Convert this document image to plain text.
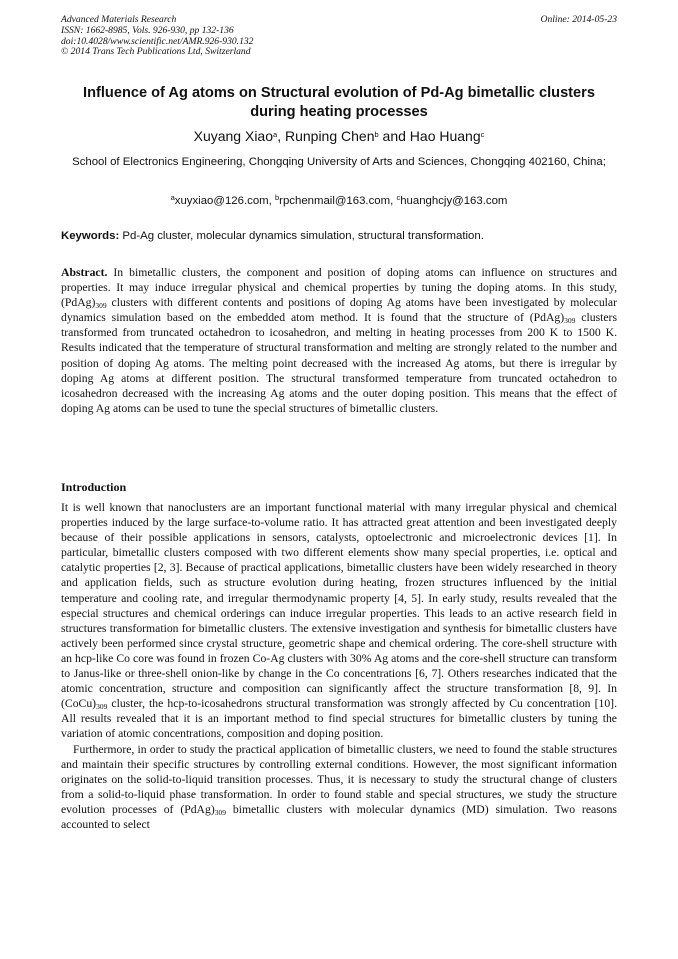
Advanced Materials Research
ISSN: 1662-8985, Vols. 926-930, pp 132-136
doi:10.4028/www.scientific.net/AMR.926-930.132
© 2014 Trans Tech Publications Ltd, Switzerland
Online: 2014-05-23
Influence of Ag atoms on Structural evolution of Pd-Ag bimetallic clusters during heating processes
Xuyang Xiao$^a$, Runping Chen$^b$ and Hao Huang$^c$
School of Electronics Engineering, Chongqing University of Arts and Sciences, Chongqing 402160, China;
$^a$xuyxiao@126.com, $^b$rpchenmail@163.com, $^c$huanghcjy@163.com
Keywords: Pd-Ag cluster, molecular dynamics simulation, structural transformation.
Abstract. In bimetallic clusters, the component and position of doping atoms can influence on structures and properties. It may induce irregular physical and chemical properties by tuning the doping atoms. In this study, $(PdAg)_{309}$ clusters with different contents and positions of doping Ag atoms have been investigated by molecular dynamics simulation based on the embedded atom method. It is found that the structure of $(PdAg)_{309}$ clusters transformed from truncated octahedron to icosahedron, and melting in heating processes from 200 K to 1500 K. Results indicated that the temperature of structural transformation and melting are strongly related to the number and position of doping Ag atoms. The melting point decreased with the increased Ag atoms, but there is irregular by doping Ag atoms at different position. The structural transformed temperature from truncated octahedron to icosahedron decreased with the increasing Ag atoms and the outer doping position. This means that the effect of doping Ag atoms can be used to tune the special structures of bimetallic clusters.
Introduction

It is well known that nanoclusters are an important functional material with many irregular physical and chemical properties induced by the large surface-to-volume ratio. It has attracted great attention and been investigated deeply because of their possible applications in sensors, catalysts, optoelectronic and microelectronic devices [1]. In particular, bimetallic clusters composed with two different elements show many special properties, i.e. optical and catalytic properties [2, 3]. Because of practical applications, bimetallic clusters have been widely researched in theory and application fields, such as structure evolution during heating, frozen structures influenced by the initial temperature and cooling rate, and irregular thermodynamic property [4, 5]. In early study, results revealed that the especial structures and chemical orderings can induce irregular properties. This leads to an active research field in structures transformation for bimetallic clusters. The extensive investigation and synthesis for bimetallic clusters have actively been performed since crystal structure, geometric shape and chemical ordering. The core-shell structure with an hcp-like Co core was found in frozen Co-Ag clusters with 30% Ag atoms and the core-shell structure can transform to Janus-like or three-shell onion-like by change in the Co concentrations [6, 7]. Others researches indicated that the atomic concentration, structure and composition can significantly affect the structure transformation [8, 9]. In $(CoCu)_{309}$ cluster, the hcp-to-icosahedrons structural transformation was strongly affected by Cu concentration [10]. All results revealed that it is an important method to find special structures for bimetallic clusters by tuning the variation of atomic concentrations, composition and doping position.

Furthermore, in order to study the practical application of bimetallic clusters, we need to found the stable structures and maintain their specific structures by controlling external conditions. However, the most significant information originates on the solid-to-liquid transition processes. Thus, it is necessary to study the structural change of clusters from a solid-to-liquid phase transformation. In order to found stable and special structures, we study the structure evolution processes of $(PdAg)_{309}$ bimetallic clusters with molecular dynamics (MD) simulation. Two reasons accounted to select
